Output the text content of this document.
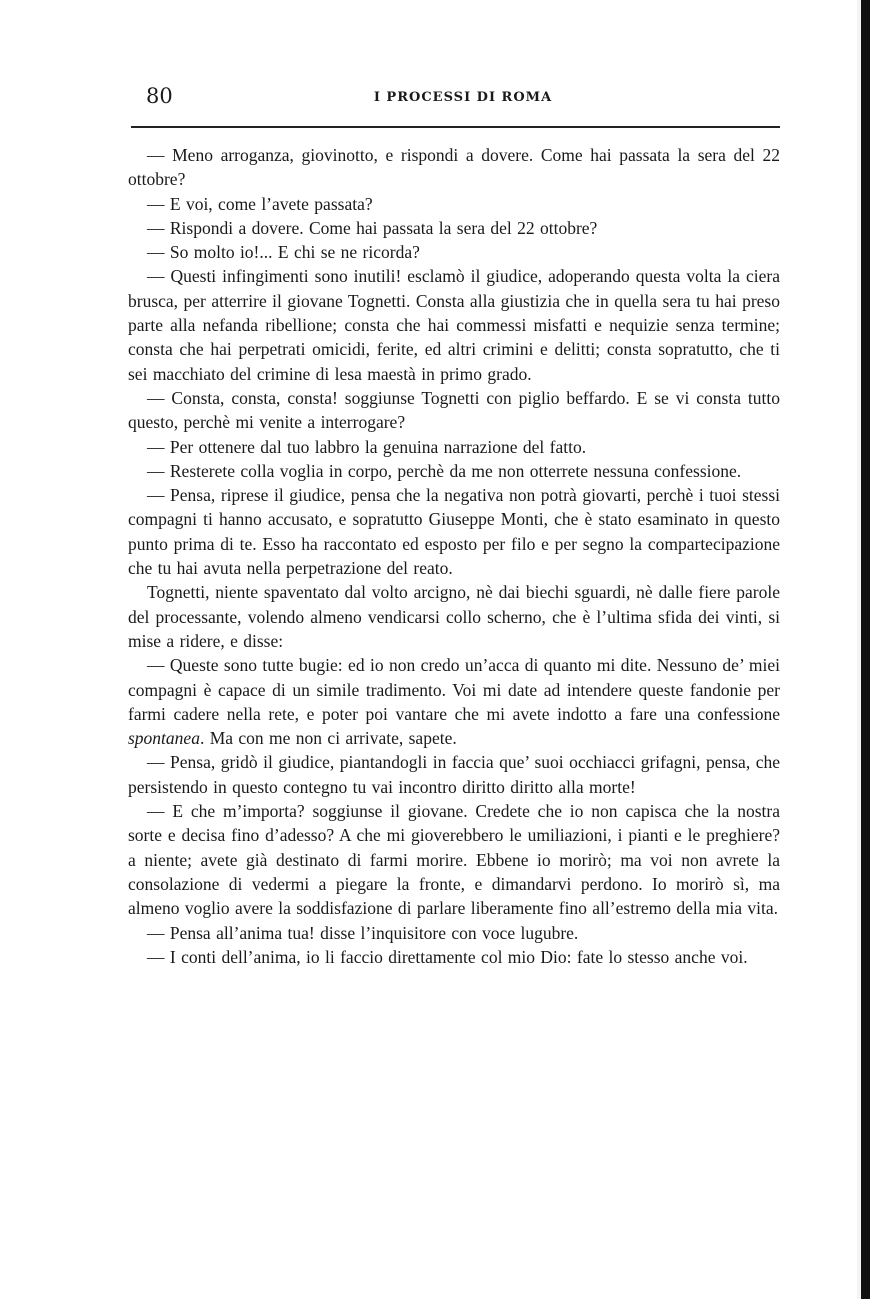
80	I PROCESSI DI ROMA

— Meno arroganza, giovinotto, e rispondi a dovere. Come hai passata la sera del 22 ottobre?

— E voi, come l’avete passata?

— Rispondi a dovere. Come hai passata la sera del 22 ottobre?

— So molto io!... E chi se ne ricorda?

— Questi infingimenti sono inutili! esclamò il giudice, adoperando questa volta la ciera brusca, per atterrire il giovane Tognetti. Consta alla giustizia che in quella sera tu hai preso parte alla nefanda ribellione; consta che hai commessi misfatti e nequizie senza termine; consta che hai perpetrati omicidi, ferite, ed altri crimini e delitti; consta sopratutto, che ti sei macchiato del crimine di lesa maestà in primo grado.

— Consta, consta, consta! soggiunse Tognetti con piglio beffardo. E se vi consta tutto questo, perchè mi venite a interrogare?

— Per ottenere dal tuo labbro la genuina narrazione del fatto.

— Resterete colla voglia in corpo, perchè da me non otterrete nessuna confessione.

— Pensa, riprese il giudice, pensa che la negativa non potrà giovarti, perchè i tuoi stessi compagni ti hanno accusato, e sopratutto Giuseppe Monti, che è stato esaminato in questo punto prima di te. Esso ha raccontato ed esposto per filo e per segno la compartecipazione che tu hai avuta nella perpetrazione del reato.

Tognetti, niente spaventato dal volto arcigno, nè dai biechi sguardi, nè dalle fiere parole del processante, volendo almeno vendicarsi collo scherno, che è l’ultima sfida dei vinti, si mise a ridere, e disse:

— Queste sono tutte bugie: ed io non credo un’acca di quanto mi dite. Nessuno de’ miei compagni è capace di un simile tradimento. Voi mi date ad intendere queste fandonie per farmi cadere nella rete, e poter poi vantare che mi avete indotto a fare una confessione spontanea. Ma con me non ci arrivate, sapete.

— Pensa, gridò il giudice, piantandogli in faccia que’ suoi occhiacci grifagni, pensa, che persistendo in questo contegno tu vai incontro diritto diritto alla morte!

— E che m’importa? soggiunse il giovane. Credete che io non capisca che la nostra sorte e decisa fino d’adesso? A che mi gioverebbero le umiliazioni, i pianti e le preghiere? a niente; avete già destinato di farmi morire. Ebbene io morirò; ma voi non avrete la consolazione di vedermi a piegare la fronte, e dimandarvi perdono. Io morirò sì, ma almeno voglio avere la soddisfazione di parlare liberamente fino all’estremo della mia vita.

— Pensa all’anima tua! disse l’inquisitore con voce lugubre.

— I conti dell’anima, io li faccio direttamente col mio Dio: fate lo stesso anche voi.
